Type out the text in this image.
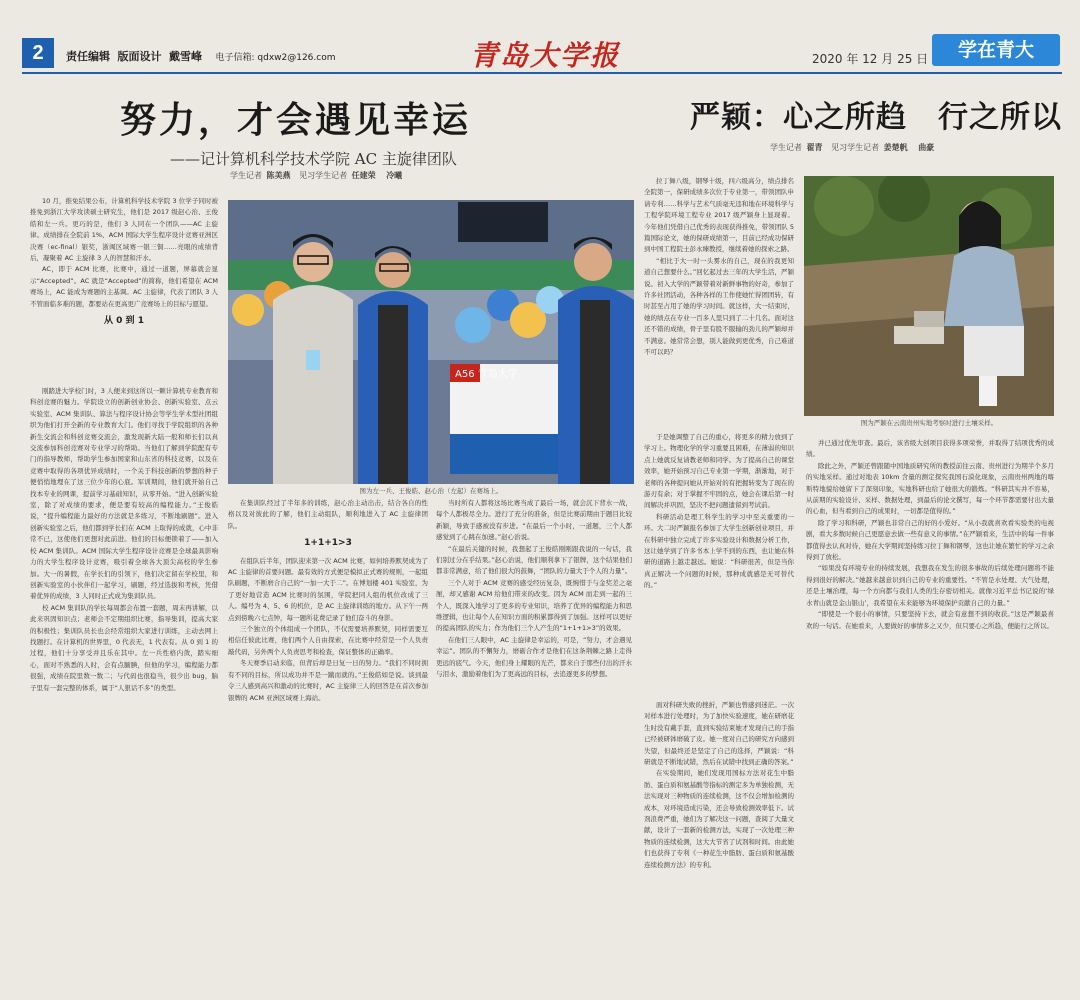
2	责任编辑 版面设计 戴雪峰 电子信箱: qdxw2@126.com	青岛大学报	2020 年 12 月 25 日	学在青大
努力，才会遇见幸运
——记计算机科学技术学院 AC 主旋律团队
学生记者 陈美燕 见习学生记者 任建荣 冷曦

10 月，推免结果公布，计算机科学技术学院 3 位学子同时被推免到浙江大学攻读硕士研究生，他们是 2017 级赵心治、王俊皓和左一兵。更巧的是，他们 3 人同在一个团队——AC 主旋律。成绩排在全院前 1%、ACM 国际大学生程序设计竞赛亚洲区决赛（ec-final）银奖，浙闽区域赛一银三铜……亮眼的成绩背后，凝聚着 AC 主旋律 3 人的智慧和汗水。

AC，即于 ACM 比赛，比赛中，通过一道题，屏幕就会显示“Accepted”。AC 就是“Accepted”的简称，他们希望在 ACM 赛场上，AC 能成为赛题的主基调。AC 主旋律，代表了团队 3 人不管面临多难的题，都要站在更高更广竞赛场上的目标与愿望。

从 0 到 1

刚踏进大学校门时，3 人便来到这所以一颗计算机专业教育和科创竞赛的魅力。学院设立的创新创业协会、创新实验室、点云实验室、ACM 集训队、算法与程序设计协会等学生学术型社团组织为他们打开全新的专业教育大门。他们寻找于学院组织的各种新生交流会和科创竞赛交流会，激发现新大陆一般和师长们以真交流参加科创竞赛对专业学习的帮助。当他们了解到学院配有专门的指导教师，帮助学生参加国家和山东省的科技竞赛，以及在竞赛中取得的各项优异成绩时，一个关于科技创新的梦想的种子便悄悄地埋在了这三位少年的心底。军训期间，他们就开始自己找本专业的网课，提前学习基础知识，从零开始。“进入创新实验室，除了对成绩的要求，便是要有较高的编程能力。”王俊皓说，“提升编程能力最好的方法就是多练习，不断地刷题”。进入创新实验室之后，他们都到学长们在 ACM 上取得的成就，心中非常不已，这使他们更想对此前进。他们的目标便锁着了——加入校 ACM 集训队。ACM 国际大学生程序设计竞赛是全球最具影响力的大学生程序设计竞赛，吸引着全球各大顶尖高校的学生参加。大一的暑假，在学长们的引领下，他们决定留在学校里，和创新实验室的小伙伴们一起学习，刷题，经过选拔和考核，凭借着优异的成绩，3 人同时正式成为集训队员。

校 ACM 集训队的学长每周都会布置一套题，周末再讲解，以此来巩固知识点；老师会不定期组织比赛，指导集训，提高大家的积极性；集训队员长也会经常组织大家进行训练，主动去网上找题打。在计算机的世界里，0 代表无，1 代表有。从 0 到 1 的过程，他们十分享受并且乐在其中。左一兵性格内敛，踏实细心，面对不熟悉的人时，会有点腼腆，但他的学习，编程能力都很强，成绩在院里数一数二；与代码也很稳当，很少出 bug，脑子里有一套完整的体系，属于“人狠话不多”的类型。

A56 青岛大学
图为左一兵、王俊皓、赵心治（左起）在赛场上。

在集训队经过了半年多的训练，赵心治主动出击，结合各自的性格以及对彼此的了解，他们主动组队，顺利地进入了 AC 主旋律团队。

1+1+1>3

在组队后半年，团队迎来第一次 ACM 比赛，如何培养默契成为了 AC 主旋律的首要问题。最有效的方式便是模拟正式赛的规则，一起组队刷题，不断磨合自己的“一加一大于二”。在博划楼 401 实验室，为了更好地营造 ACM 比赛时的氛围，学院把同人组的机位改成了三人。编号为 4、5、6 的机位，是 AC 主旋律训练的地方。从下午一两点到傍晚六七点钟，每一题所花费记录了他们奋斗的身影。

三个独立的个体组成一个团队，不仅需要培养默契，同样需要互相信任彼此比赛，他们两个人自由探索，在比赛中经常是一个人负责敲代码，另外两个人负责思考和检查，保证整体的正确率。

冬天赛季启动来临，但背后却是日复一日的努力。“我们不同时拥有不同的目标，所以成功并不是一蹴而就的。”王俊皓如是说。谈到最令三人感到高兴和激动的比赛时，AC 主旋律三人的回答是在首次参加银牌的 ACM 亚洲区域赛上海站。

当时所有人都将这场比赛当成了最后一场，就会沉下背水一战，每个人都极尽全力。进行了充分的准备，但是比赛前期由于题目比较新颖，导致手感被没有步进。“在最后一个小时，一道题，三个人都感觉到了心跳在加速。”赵心治说。

“在最后关键的时候，我想起了王俊皓刚刚跟我说的一句话，我们别过分在乎结果。”赵心治说，他们顺利拿下了银牌，这个结果他们都非常满意，给了他们很大的鼓舞，“团队的力量大于个人的力量”。

三个人对于 ACM 竞赛的感受经历复杂，既惋惜于与金奖差之毫厘，却又感谢 ACM 给他们带来的改变。因为 ACM 而走到一起的三个人，既深入地学习了更多的专业知识，培养了优异的编程能力和思维逻辑，也让每个人在知识方面的积累都得到了加强。这样可以更好的提高团队的实力；作为他们三个人产生的“1+1+1>3”的效果。

在他们三人眼中，AC 主旋律是幸运的，可是，“努力，才会遇见幸运”。团队的不懈努力，磨砺合作才是他们在这条荆棘之路上走得更远的底气。今天，他们身上耀眼的光芒，都来自于那些付出的汗水与泪水，激励着他们为了更高远的目标，去追逐更多的梦想。

严颖：心之所趋　行之所以
学生记者 翟青 见习学生记者 姜楚帆 曲豪

拉丁舞八级，钢琴十级，四六级高分，绩点排名全院第一，保研成绩多次位于专业第一，带领团队申请专利……科学与艺术气质毫无违和地在环境科学与工程学院环境工程专业 2017 级严颖身上显现着。今年他们凭借自己优秀的表现获得推免，带领团队 5 篇国际论文，她的保研成绩第一，目前已经成功保研到中国工程院士彭永臻教授，继续着她的探索之路。

“相比于大一时一头雾水的自己，现在的我更知道自己想要什么。”回忆起过去三年的大学生活，严颖说。初入大学的严颖带着对新鲜事物的好奇，参加了许多社团活动，各种各样的工作使她忙得团团转，有时甚至占用了她的学习时间。就这样，大一结束时，她的绩点在专业一百多人里只到了二十几名。面对这还不错的成绩，骨子里有股不服输的劲儿的严颖却并不满意。她常常会想，别人能做到更优秀，自己难道不可以吗？

于是她调整了自己的重心，将更多的精力放到了学习上。物理化学的学习重要且困难，在薄弱的知识点上她就反复请教老师和同学。为了提高自己的课堂效率，她开始预习自己专业第一学期，渐渐地，对于老师的各种提问她从开始对的有把握转变为了现在的游刃有余；对于掌握不牢固的点，她会在课后第一时间解决并巩固，坚决不把问题遗留到考试前。

科研活动是理工科学生的学习中至关重要的一环。大二时严颖报名参加了大学生创新创业项目，并在科研中独立完成了许多实验设计和数据分析工作，这让她学到了许多书本上学不到的东西，也让她在科研的道路上越走越远。她说：“科研很苦，但是当你真正解决一个问题的时候，那种成就感是无可替代的。”

图为严颖在云南贵州实地考察时进行土壤采样。

并已通过优先审查。最后，该省级大创项目获得多项荣誉，并取得了结项优秀的成绩。

除此之外，严颖还曾跟随中国地质研究所的教授前往云南、贵州进行为期半个多月的实地采样。通过对地表 10km 含量的测定探究我国石漠化现象，云南贵州两地的喀斯特地貌给她留下了深刻印象，实地科研也给了她很大的锻炼。“科研其实并不容易，从前期的实验设计、采样、数据处理，到最后的论文撰写，每一个环节都需要付出大量的心血，但当看到自己的成果时，一切都是值得的。”

除了学习和科研，严颖也非常自己的好的小爱好。“从小我就喜欢看实验类的电视剧，看大多数时候自己更愿意去做一些有意义的事情。”在严颖看来，生活中的每一件事都值得去认真对待，她在大学期间坚持练习拉丁舞和钢琴，这也让她在繁忙的学习之余得到了放松。

“如果没有环境专业的持续发展，我想我在发生的很多事故的后续处理问题将不能得到很好的解决。”她越来越意识到自己的专业的重要性。“不管是水处理、大气处理，还是土壤治理，每一个方向都与我们人类的生存密切相关。就像习近平总书记说的‘绿水青山就是金山银山’，我希望在未来能够为环境保护贡献自己的力量。”

“即使是一个很小的事情，只要坚持下去，就会有意想不到的收获。”这是严颖最喜欢的一句话。在她看来，人要做好的事情多之又少，但只要心之所趋，便能行之所以。

面对科研失败的挫折，严颖也曾感到迷茫。一次对样本进行处理时，为了加快实验速度，她在研磨花生时没有戴手套，直到实验结束她才发现自己的手指已经被研钵磨破了皮。她一度对自己的研究方向感到失望，但最终还是坚定了自己的选择，严颖说：“科研就是不断地试错，然后在试错中找到正确的答案。”

在实验期间，她们发现用国标方法对花生中脂肪、蛋白质和氨基酸等指标的测定多为单独检测，无法实现对三种物质的连续检测，这不仅会增加检测的成本，对环境造成污染，还会导致检测效率低下。试剂浪费严重，她们为了解决这一问题，查阅了大量文献，设计了一套新的检测方法，实现了一次处理三种物质的连续检测，这大大节省了试剂和时间。由此她们也获得了专利《一种花生中脂肪、蛋白质和氨基酸连续检测方法》的专利。
